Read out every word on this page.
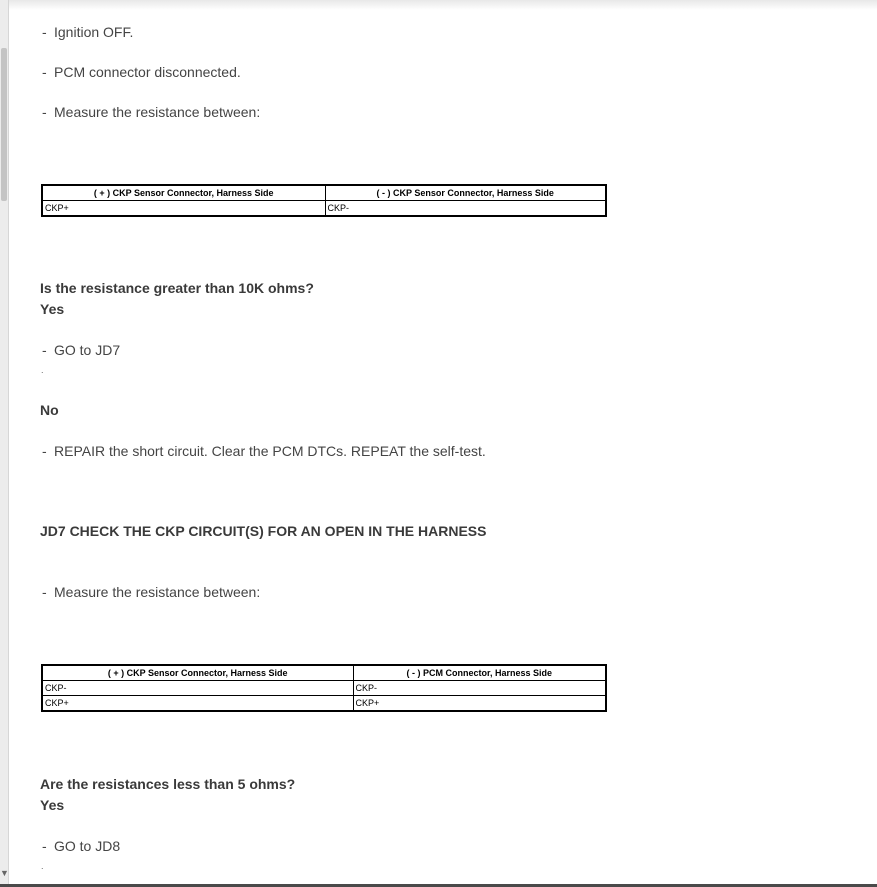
▼
- Ignition OFF.
- PCM connector disconnected.
- Measure the resistance between:
( + ) CKP Sensor Connector, Harness Side	( - ) CKP Sensor Connector, Harness Side
CKP+	CKP-
Is the resistance greater than 10K ohms?
Yes
- GO to JD7
.
No
- REPAIR the short circuit. Clear the PCM DTCs. REPEAT the self-test.
JD7 CHECK THE CKP CIRCUIT(S) FOR AN OPEN IN THE HARNESS
- Measure the resistance between:
( + ) CKP Sensor Connector, Harness Side	( - ) PCM Connector, Harness Side
CKP-	CKP-
CKP+	CKP+
Are the resistances less than 5 ohms?
Yes
- GO to JD8
.
